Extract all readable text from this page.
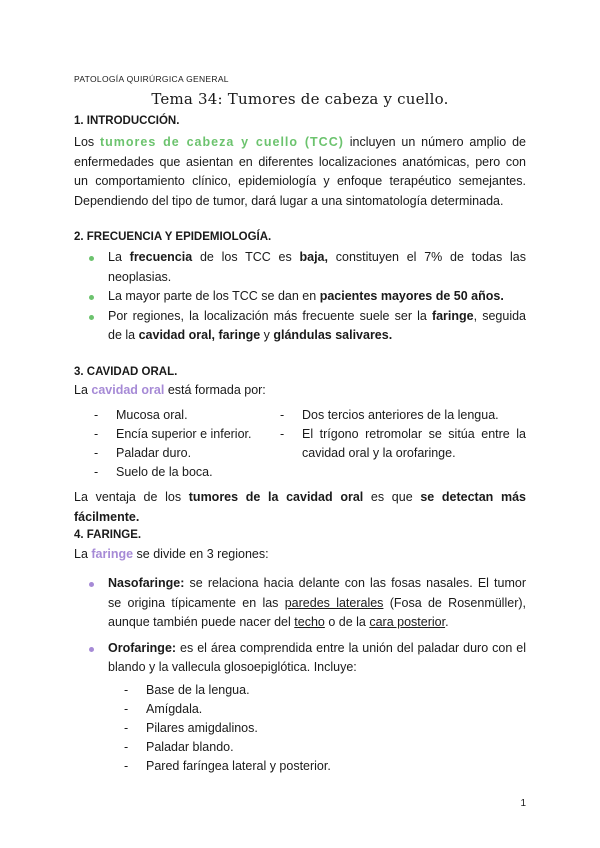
PATOLOGÍA QUIRÚRGICA GENERAL
Tema 34: Tumores de cabeza y cuello.
1. INTRODUCCIÓN.
Los tumores de cabeza y cuello (TCC) incluyen un número amplio de enfermedades que asientan en diferentes localizaciones anatómicas, pero con un comportamiento clínico, epidemiología y enfoque terapéutico semejantes. Dependiendo del tipo de tumor, dará lugar a una sintomatología determinada.
2. FRECUENCIA Y EPIDEMIOLOGÍA.
La frecuencia de los TCC es baja, constituyen el 7% de todas las neoplasias.
La mayor parte de los TCC se dan en pacientes mayores de 50 años.
Por regiones, la localización más frecuente suele ser la faringe, seguida de la cavidad oral, faringe y glándulas salivares.
3. CAVIDAD ORAL.
La cavidad oral está formada por:
- Mucosa oral.
- Encía superior e inferior.
- Paladar duro.
- Suelo de la boca.
- Dos tercios anteriores de la lengua.
- El trígono retromolar se sitúa entre la cavidad oral y la orofaringe.
La ventaja de los tumores de la cavidad oral es que se detectan más fácilmente.
4. FARINGE.
La faringe se divide en 3 regiones:
Nasofaringe: se relaciona hacia delante con las fosas nasales. El tumor se origina típicamente en las paredes laterales (Fosa de Rosenmüller), aunque también puede nacer del techo o de la cara posterior.
Orofaringe: es el área comprendida entre la unión del paladar duro con el blando y la vallecula glosoepiglótica. Incluye:
- Base de la lengua.
- Amígdala.
- Pilares amigdalinos.
- Paladar blando.
- Pared faríngea lateral y posterior.
1
